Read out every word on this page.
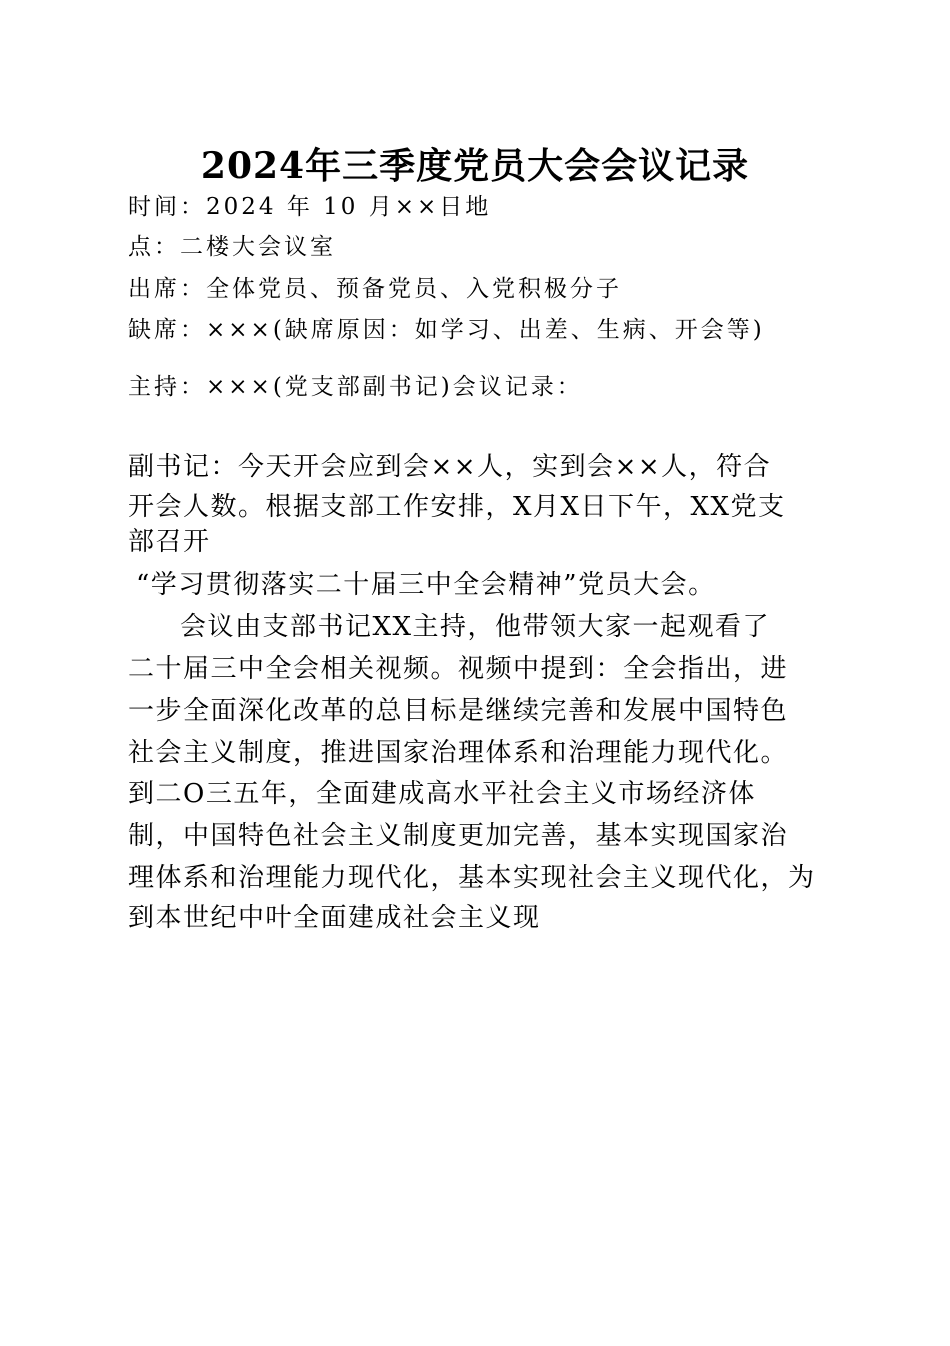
2024年三季度党员大会会议记录
时间：2024 年 10 月××日地
点：二楼大会议室
出席：全体党员、预备党员、入党积极分子
缺席：×××(缺席原因：如学习、出差、生病、开会等)
主持：×××(党支部副书记)会议记录：
副书记：今天开会应到会××人，实到会××人，符合
开会人数。根据支部工作安排，X月X日下午，XX党支
部召开
“学习贯彻落实二十届三中全会精神”党员大会。
会议由支部书记XX主持，他带领大家一起观看了
二十届三中全会相关视频。视频中提到：全会指出，进
一步全面深化改革的总目标是继续完善和发展中国特色
社会主义制度，推进国家治理体系和治理能力现代化。
到二O三五年，全面建成高水平社会主义市场经济体
制，中国特色社会主义制度更加完善，基本实现国家治
理体系和治理能力现代化，基本实现社会主义现代化，为
到本世纪中叶全面建成社会主义现
